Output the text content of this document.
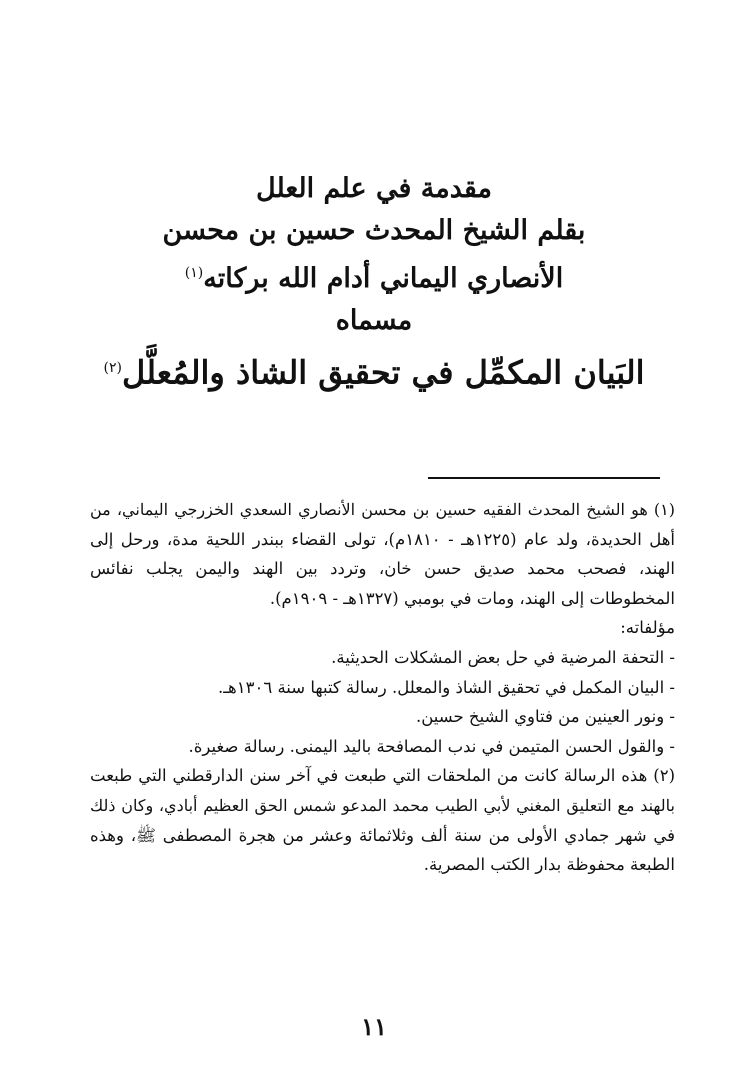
مقدمة في علم العلل
بقلم الشيخ المحدث حسين بن محسن
الأنصاري اليماني أدام الله بركاته$^{(١)}$
مسماه
البَيان المكمِّل في تحقيق الشاذ والمُعلَّل$^{(٢)}$
(١) هو الشيخ المحدث الفقيه حسين بن محسن الأنصاري السعدي الخزرجي اليماني، من
أهل الحديدة، ولد عام (١٢٢٥هـ - ١٨١٠م)، تولى القضاء ببندر اللحية مدة، ورحل إلى
الهند، فصحب محمد صديق حسن خان، وتردد بين الهند واليمن يجلب نفائس
المخطوطات إلى الهند، ومات في بومبي (١٣٢٧هـ - ١٩٠٩م).
مؤلفاته:
- التحفة المرضية في حل بعض المشكلات الحديثية.
- البيان المكمل في تحقيق الشاذ والمعلل. رسالة كتبها سنة ١٣٠٦هـ.
- ونور العينين من فتاوي الشيخ حسين.
- والقول الحسن المتيمن في ندب المصافحة باليد اليمنى. رسالة صغيرة.
(٢) هذه الرسالة كانت من الملحقات التي طبعت في آخر سنن الدارقطني التي طبعت
بالهند مع التعليق المغني لأبي الطيب محمد المدعو شمس الحق العظيم أبادي، وكان ذلك
في شهر جمادي الأولى من سنة ألف وثلاثمائة وعشر من هجرة المصطفى ﷺ، وهذه
الطبعة محفوظة بدار الكتب المصرية.
١١
